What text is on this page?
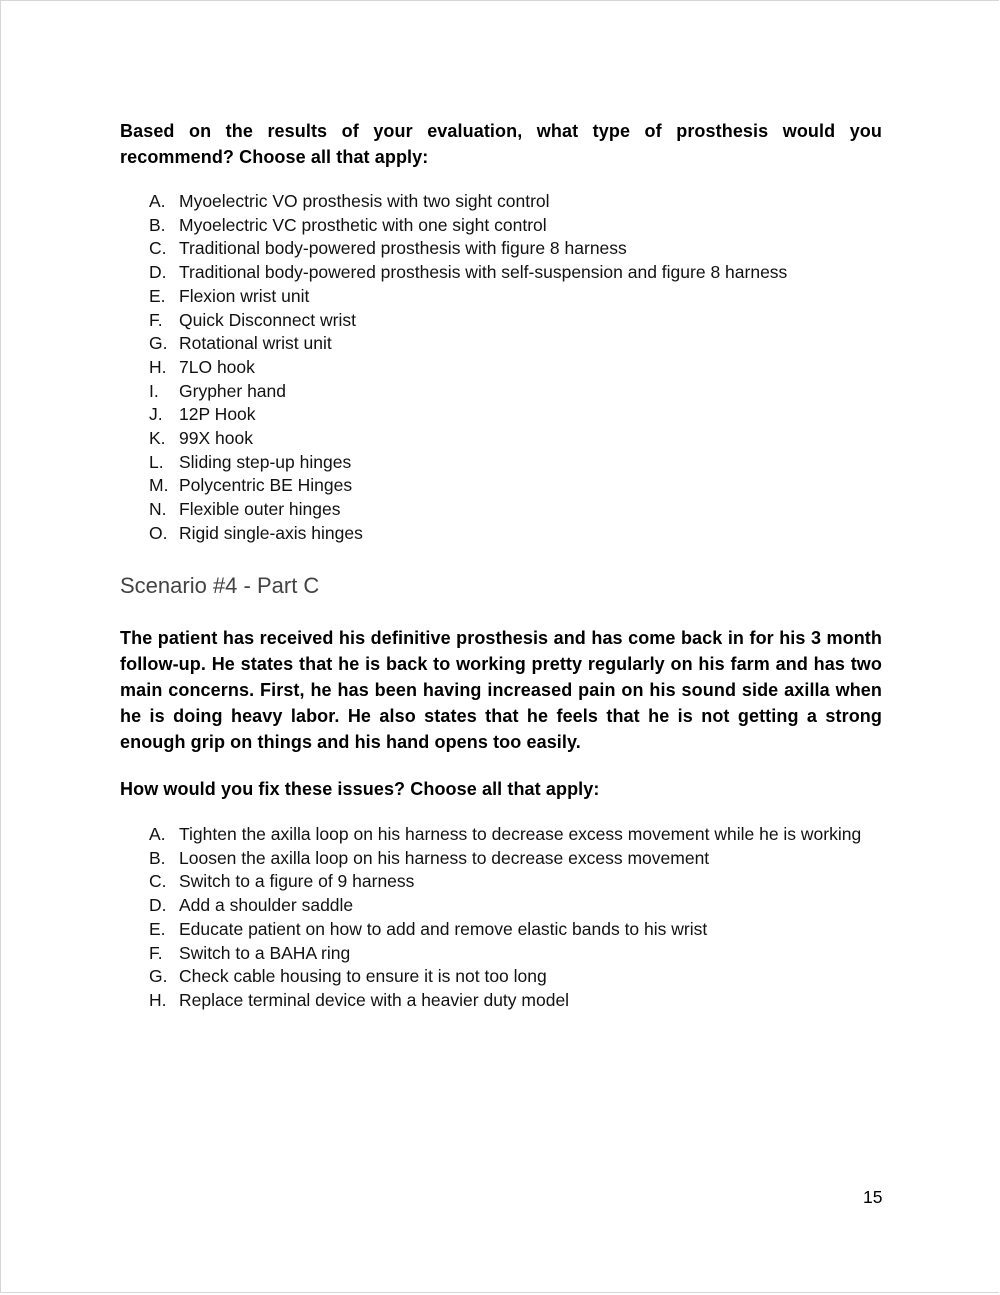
Based on the results of your evaluation, what type of prosthesis would you recommend? Choose all that apply:

A. Myoelectric VO prosthesis with two sight control
B. Myoelectric VC prosthetic with one sight control
C. Traditional body-powered prosthesis with figure 8 harness
D. Traditional body-powered prosthesis with self-suspension and figure 8 harness
E. Flexion wrist unit
F. Quick Disconnect wrist
G. Rotational wrist unit
H. 7LO hook
I.	Grypher hand
J. 12P Hook
K. 99X hook
L. Sliding step-up hinges
M. Polycentric BE Hinges
N. Flexible outer hinges
O. Rigid single-axis hinges
Scenario #4 - Part C

The patient has received his definitive prosthesis and has come back in for his 3 month follow-up. He states that he is back to working pretty regularly on his farm and has two main concerns. First, he has been having increased pain on his sound side axilla when he is doing heavy labor. He also states that he feels that he is not getting a strong enough grip on things and his hand opens too easily.

How would you fix these issues? Choose all that apply:

A. Tighten the axilla loop on his harness to decrease excess movement while he is working
B. Loosen the axilla loop on his harness to decrease excess movement
C. Switch to a figure of 9 harness
D. Add a shoulder saddle
E. Educate patient on how to add and remove elastic bands to his wrist
F. Switch to a BAHA ring
G. Check cable housing to ensure it is not too long
H. Replace terminal device with a heavier duty model
15
